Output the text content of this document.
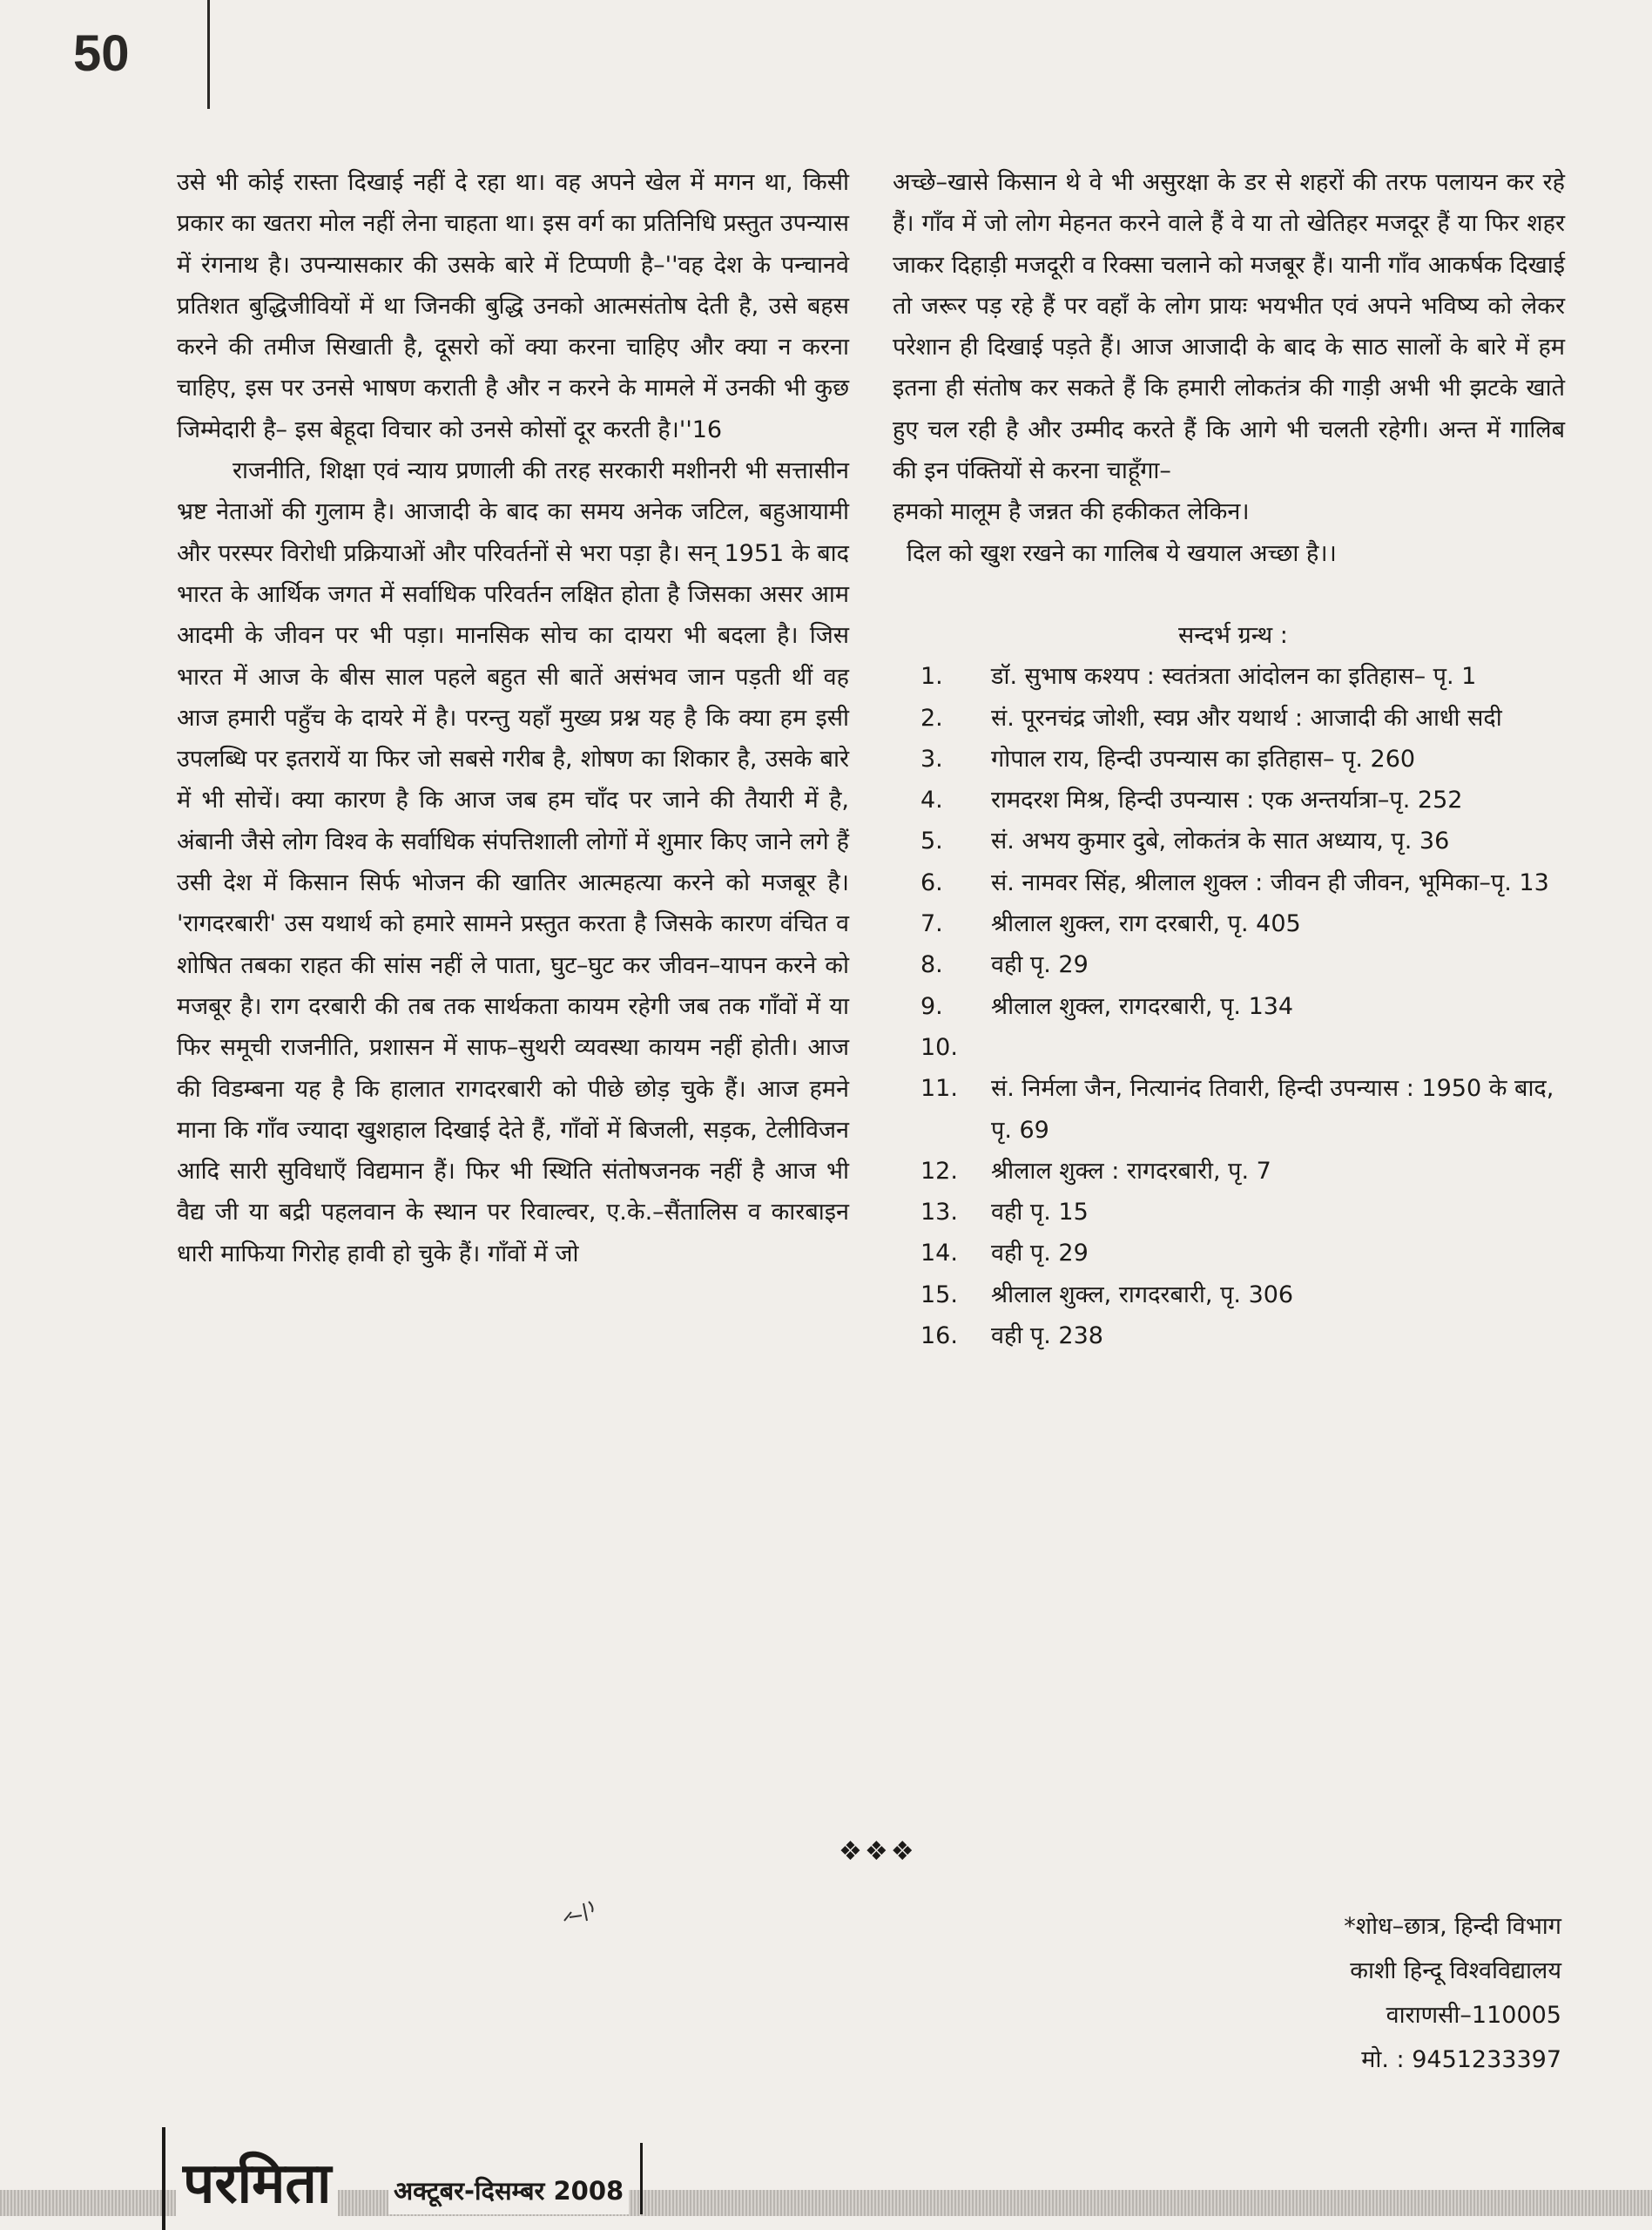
50

उसे भी कोई रास्ता दिखाई नहीं दे रहा था। वह अपने खेल में मगन था, किसी प्रकार का खतरा मोल नहीं लेना चाहता था। इस वर्ग का प्रतिनिधि प्रस्तुत उपन्यास में रंगनाथ है। उपन्यासकार की उसके बारे में टिप्पणी है–''वह देश के पन्चानवे प्रतिशत बुद्धिजीवियों में था जिनकी बुद्धि उनको आत्मसंतोष देती है, उसे बहस करने की तमीज सिखाती है, दूसरो कों क्या करना चाहिए और क्या न करना चाहिए, इस पर उनसे भाषण कराती है और न करने के मामले में उनकी भी कुछ जिम्मेदारी है– इस बेहूदा विचार को उनसे कोसों दूर करती है।''16

राजनीति, शिक्षा एवं न्याय प्रणाली की तरह सरकारी मशीनरी भी सत्तासीन भ्रष्ट नेताओं की गुलाम है। आजादी के बाद का समय अनेक जटिल, बहुआयामी और परस्पर विरोधी प्रक्रियाओं और परिवर्तनों से भरा पड़ा है। सन् 1951 के बाद भारत के आर्थिक जगत में सर्वाधिक परिवर्तन लक्षित होता है जिसका असर आम आदमी के जीवन पर भी पड़ा। मानसिक सोच का दायरा भी बदला है। जिस भारत में आज के बीस साल पहले बहुत सी बातें असंभव जान पड़ती थीं वह आज हमारी पहुँच के दायरे में है। परन्तु यहाँ मुख्य प्रश्न यह है कि क्या हम इसी उपलब्धि पर इतरायें या फिर जो सबसे गरीब है, शोषण का शिकार है, उसके बारे में भी सोचें। क्या कारण है कि आज जब हम चाँद पर जाने की तैयारी में है, अंबानी जैसे लोग विश्व के सर्वाधिक संपत्तिशाली लोगों में शुमार किए जाने लगे हैं उसी देश में किसान सिर्फ भोजन की खातिर आत्महत्या करने को मजबूर है। 'रागदरबारी' उस यथार्थ को हमारे सामने प्रस्तुत करता है जिसके कारण वंचित व शोषित तबका राहत की सांस नहीं ले पाता, घुट–घुट कर जीवन–यापन करने को मजबूर है। राग दरबारी की तब तक सार्थकता कायम रहेगी जब तक गाँवों में या फिर समूची राजनीति, प्रशासन में साफ–सुथरी व्यवस्था कायम नहीं होती। आज की विडम्बना यह है कि हालात रागदरबारी को पीछे छोड़ चुके हैं। आज हमने माना कि गाँव ज्यादा खुशहाल दिखाई देते हैं, गाँवों में बिजली, सड़क, टेलीविजन आदि सारी सुविधाएँ विद्यमान हैं। फिर भी स्थिति संतोषजनक नहीं है आज भी वैद्य जी या बद्री पहलवान के स्थान पर रिवाल्वर, ए.के.–सैंतालिस व कारबाइन धारी माफिया गिरोह हावी हो चुके हैं। गाँवों में जो

अच्छे–खासे किसान थे वे भी असुरक्षा के डर से शहरों की तरफ पलायन कर रहे हैं। गाँव में जो लोग मेहनत करने वाले हैं वे या तो खेतिहर मजदूर हैं या फिर शहर जाकर दिहाड़ी मजदूरी व रिक्सा चलाने को मजबूर हैं। यानी गाँव आकर्षक दिखाई तो जरूर पड़ रहे हैं पर वहाँ के लोग प्रायः भयभीत एवं अपने भविष्य को लेकर परेशान ही दिखाई पड़ते हैं। आज आजादी के बाद के साठ सालों के बारे में हम इतना ही संतोष कर सकते हैं कि हमारी लोकतंत्र की गाड़ी अभी भी झटके खाते हुए चल रही है और उम्मीद करते हैं कि आगे भी चलती रहेगी। अन्त में गालिब की इन पंक्तियों से करना चाहूँगा–

हमको मालूम है जन्नत की हकीकत लेकिन।
दिल को खुश रखने का गालिब ये खयाल अच्छा है।।
सन्दर्भ ग्रन्थ :
1.	डॉ. सुभाष कश्यप : स्वतंत्रता आंदोलन का इतिहास– पृ. 1
2.	सं. पूरनचंद्र जोशी, स्वप्न और यथार्थ : आजादी की आधी सदी
3.	गोपाल राय, हिन्दी उपन्यास का इतिहास– पृ. 260
4.	रामदरश मिश्र, हिन्दी उपन्यास : एक अन्तर्यात्रा–पृ. 252
5.	सं. अभय कुमार दुबे, लोकतंत्र के सात अध्याय, पृ. 36
6.	सं. नामवर सिंह, श्रीलाल शुक्ल : जीवन ही जीवन, भूमिका–पृ. 13
7.	श्रीलाल शुक्ल, राग दरबारी, पृ. 405
8.	वही पृ. 29
9.	श्रीलाल शुक्ल, रागदरबारी, पृ. 134
10.

11.	सं. निर्मला जैन, नित्यानंद तिवारी, हिन्दी उपन्यास : 1950 के बाद, पृ. 69
12.	श्रीलाल शुक्ल : रागदरबारी, पृ. 7
13.	वही पृ. 15
14.	वही पृ. 29
15.	श्रीलाल शुक्ल, रागदरबारी, पृ. 306
16.	वही पृ. 238
❖❖❖
*शोध–छात्र, हिन्दी विभाग
काशी हिन्दू विश्वविद्यालय
वाराणसी–110005
मो. : 9451233397
परमिता अक्टूबर-दिसम्बर 2008
